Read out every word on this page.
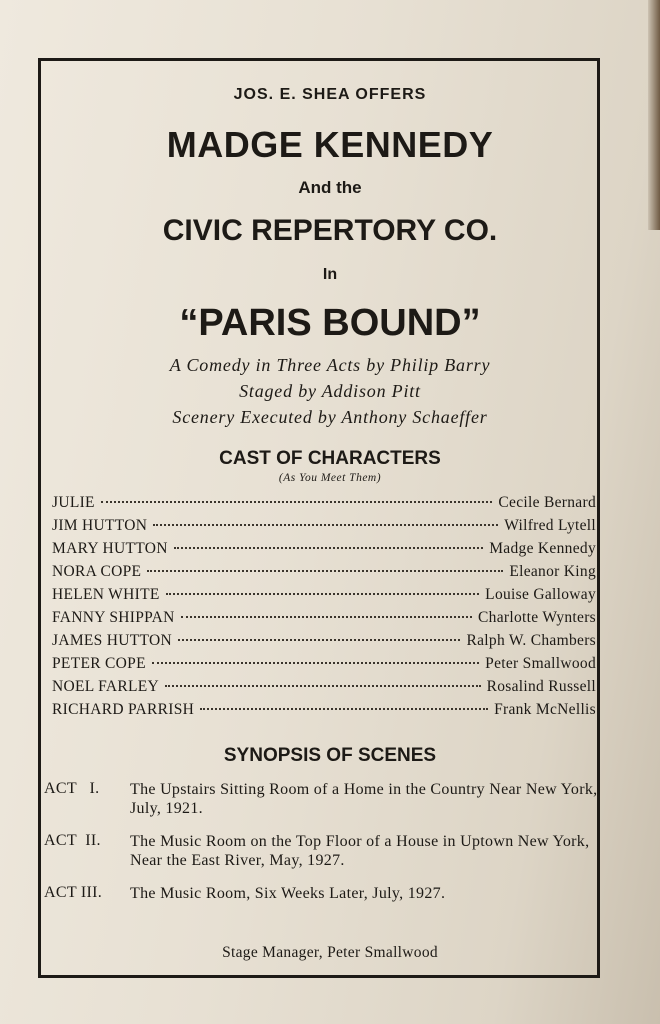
JOS. E. SHEA OFFERS
MADGE KENNEDY
And the
CIVIC REPERTORY CO.
In
“PARIS BOUND”
A Comedy in Three Acts by Philip Barry
Staged by Addison Pitt
Scenery Executed by Anthony Schaeffer
CAST OF CHARACTERS
(As You Meet Them)
JULIE	Cecile Bernard
JIM HUTTON	Wilfred Lytell
MARY HUTTON	Madge Kennedy
NORA COPE	Eleanor King
HELEN WHITE	Louise Galloway
FANNY SHIPPAN	Charlotte Wynters
JAMES HUTTON	Ralph W. Chambers
PETER COPE	Peter Smallwood
NOEL FARLEY	Rosalind Russell
RICHARD PARRISH	Frank McNellis
SYNOPSIS OF SCENES
ACT   I.	The Upstairs Sitting Room of a Home in the Country Near New York, July, 1921.
ACT  II.	The Music Room on the Top Floor of a House in Uptown New York, Near the East River, May, 1927.
ACT III.	The Music Room, Six Weeks Later, July, 1927.
Stage Manager, Peter Smallwood
